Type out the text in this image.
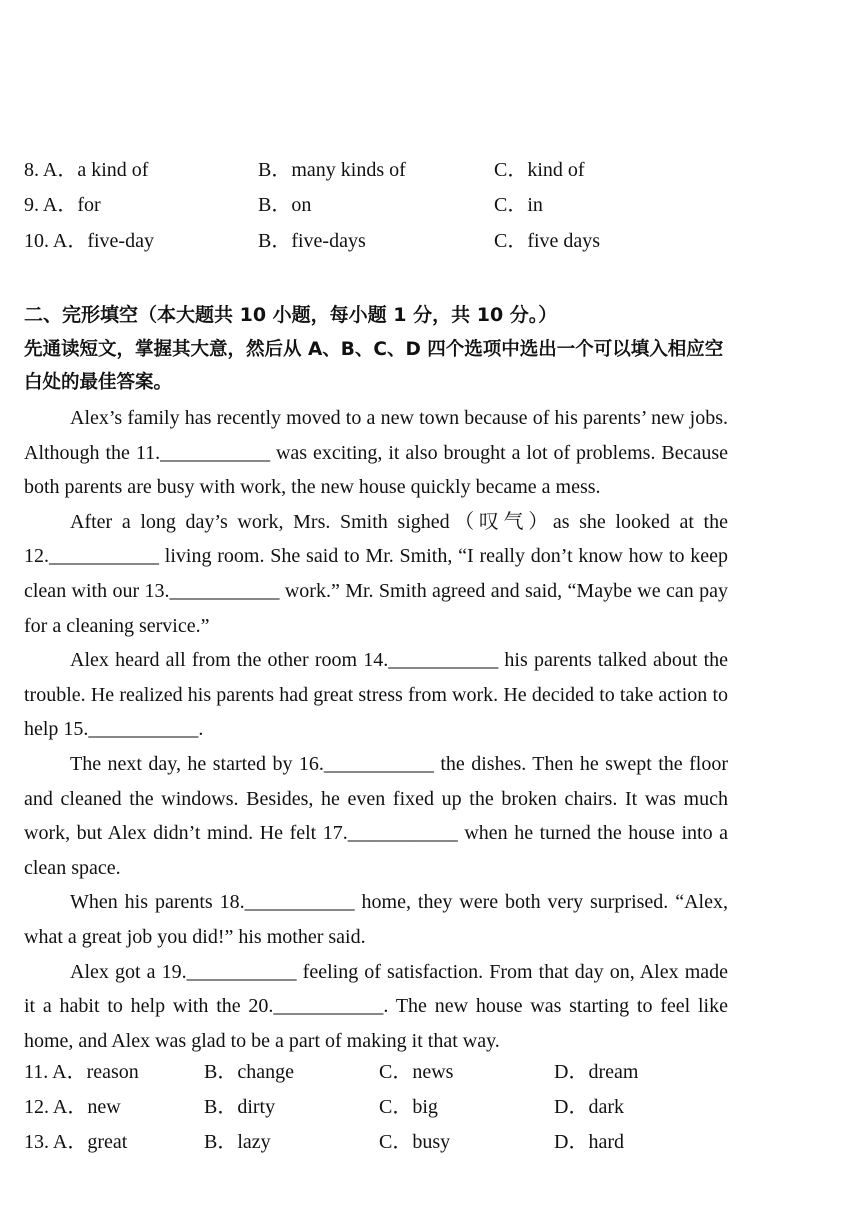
8. A．a kind of	B．many kinds of	C．kind of
9. A．for	B．on	C．in
10. A．five-day	B．five-days	C．five days
二、完形填空（本大题共 10 小题，每小题 1 分，共 10 分。）
先通读短文，掌握其大意，然后从 A、B、C、D 四个选项中选出一个可以填入相应空白处的最佳答案。

Alex’s family has recently moved to a new town because of his parents’ new jobs. Although the 11.___________ was exciting, it also brought a lot of problems. Because both parents are busy with work, the new house quickly became a mess.

After a long day’s work, Mrs. Smith sighed（叹气）as she looked at the 12.___________ living room. She said to Mr. Smith, “I really don’t know how to keep clean with our 13.___________ work.” Mr. Smith agreed and said, “Maybe we can pay for a cleaning service.”

Alex heard all from the other room 14.___________ his parents talked about the trouble. He realized his parents had great stress from work. He decided to take action to help 15.___________.

The next day, he started by 16.___________ the dishes. Then he swept the floor and cleaned the windows. Besides, he even fixed up the broken chairs. It was much work, but Alex didn’t mind. He felt 17.___________ when he turned the house into a clean space.

When his parents 18.___________ home, they were both very surprised. “Alex, what a great job you did!” his mother said.

Alex got a 19.___________ feeling of satisfaction. From that day on, Alex made it a habit to help with the 20.___________. The new house was starting to feel like home, and Alex was glad to be a part of making it that way.

11. A．reason	B．change	C．news	D．dream
12. A．new	B．dirty	C．big	D．dark
13. A．great	B．lazy	C．busy	D．hard
